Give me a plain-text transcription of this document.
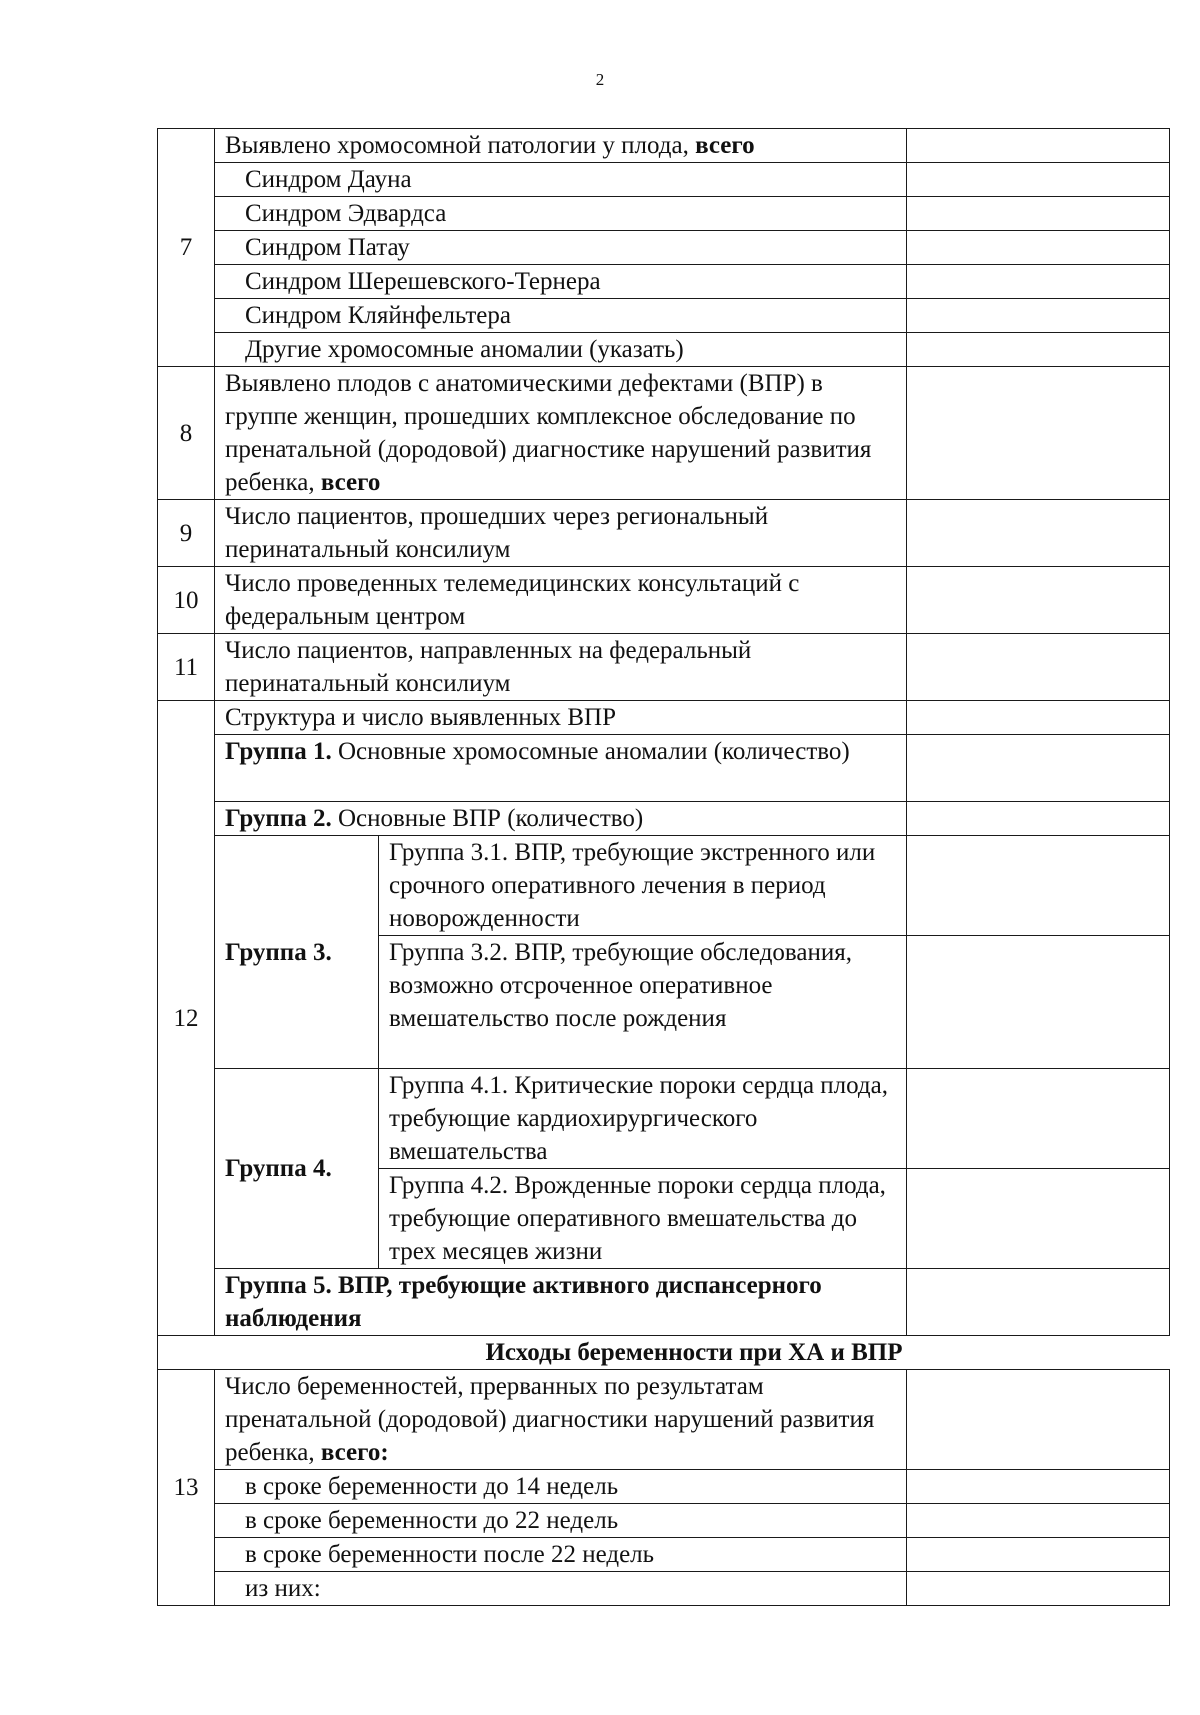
2
7	Выявлено хромосомной патологии у плода, всего		
	Синдром Дауна		
	Синдром Эдвардса		
	Синдром Патау		
	Синдром Шерешевского-Тернера		
	Синдром Кляйнфельтера		
	Другие хромосомные аномалии (указать)		
8	Выявлено плодов с анатомическими дефектами (ВПР) в группе женщин, прошедших комплексное обследование по пренатальной (дородовой) диагностике нарушений развития ребенка, всего		
9	Число пациентов, прошедших через региональный перинатальный консилиум		
10	Число проведенных телемедицинских консультаций с федеральным центром		
11	Число пациентов, направленных на федеральный перинатальный консилиум		
12	Структура и число выявленных ВПР		
	Группа 1. Основные хромосомные аномалии (количество)		
	Группа 2. Основные ВПР (количество)		
	Группа 3.	Группа 3.1. ВПР, требующие экстренного или срочного оперативного лечения в период новорожденности	
		Группа 3.2. ВПР, требующие обследования, возможно отсроченное оперативное вмешательство после рождения	
	Группа 4.	Группа 4.1. Критические пороки сердца плода, требующие кардиохирургического вмешательства	
		Группа 4.2. Врожденные пороки сердца плода, требующие оперативного вмешательства до трех месяцев жизни	
	Группа 5. ВПР, требующие активного диспансерного наблюдения		

	Исходы беременности при ХА и ВПР		
13	Число беременностей, прерванных по результатам пренатальной (дородовой) диагностики нарушений развития ребенка, всего:		
	в сроке беременности до 14 недель		
	в сроке беременности до 22 недель		
	в сроке беременности после 22 недель		
	из них:		
